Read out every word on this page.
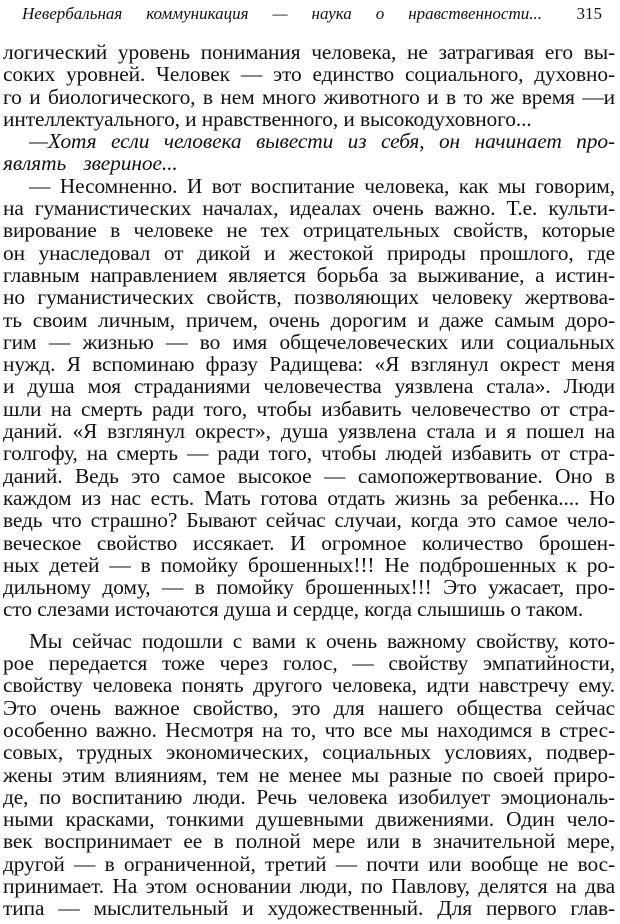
Невербальная коммуникация — наука о нравственности... 315
логический уровень понимания человека, не затрагивая его вы-
соких уровней. Человек — это единство социального, духовно-
го и биологического, в нем много животного и в то же время —и
интеллектуального, и нравственного, и высокодуховного...
—Хотя если человека вывести из себя, он начинает про-
являть звериное...
— Несомненно. И вот воспитание человека, как мы говорим,
на гуманистических началах, идеалах очень важно. Т.е. культи-
вирование в человеке не тех отрицательных свойств, которые
он унаследовал от дикой и жестокой природы прошлого, где
главным направлением является борьба за выживание, а истин-
но гуманистических свойств, позволяющих человеку жертвова-
ть своим личным, причем, очень дорогим и даже самым доро-
гим — жизнью — во имя общечеловеческих или социальных
нужд. Я вспоминаю фразу Радищева: «Я взглянул окрест меня
и душа моя страданиями человечества уязвлена стала». Люди
шли на смерть ради того, чтобы избавить человечество от стра-
даний. «Я взглянул окрест», душа уязвлена стала и я пошел на
голгофу, на смерть — ради того, чтобы людей избавить от стра-
даний. Ведь это самое высокое — самопожертвование. Оно в
каждом из нас есть. Мать готова отдать жизнь за ребенка.... Но
ведь что страшно? Бывают сейчас случаи, когда это самое чело-
веческое свойство иссякает. И огромное количество брошен-
ных детей — в помойку брошенных!!! Не подброшенных к ро-
дильному дому, — в помойку брошенных!!! Это ужасает, про-
сто слезами источаются душа и сердце, когда слышишь о таком.
Мы сейчас подошли с вами к очень важному свойству, кото-
рое передается тоже через голос, — свойству эмпатийности,
свойству человека понять другого человека, идти навстречу ему.
Это очень важное свойство, это для нашего общества сейчас
особенно важно. Несмотря на то, что все мы находимся в стрес-
совых, трудных экономических, социальных условиях, подвер-
жены этим влияниям, тем не менее мы разные по своей приро-
де, по воспитанию люди. Речь человека изобилует эмоциональ-
ными красками, тонкими душевными движениями. Один чело-
век воспринимает ее в полной мере или в значительной мере,
другой — в ограниченной, третий — почти или вообще не вос-
принимает. На этом основании люди, по Павлову, делятся на два
типа — мыслительный и художественный. Для первого глав-
